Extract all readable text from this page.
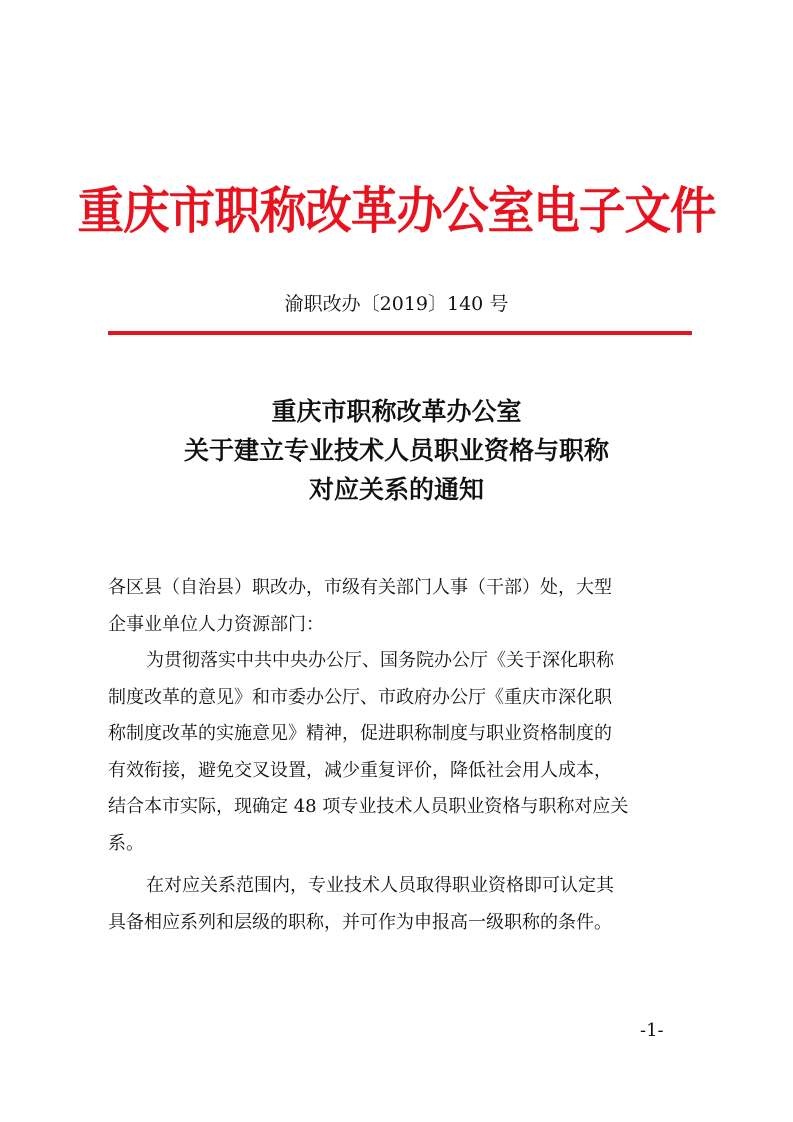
重庆市职称改革办公室电子文件
渝职改办〔2019〕140 号
重庆市职称改革办公室
关于建立专业技术人员职业资格与职称
对应关系的通知
各区县（自治县）职改办，市级有关部门人事（干部）处，大型
企事业单位人力资源部门：
为贯彻落实中共中央办公厅、国务院办公厅《关于深化职称
制度改革的意见》和市委办公厅、市政府办公厅《重庆市深化职
称制度改革的实施意见》精神，促进职称制度与职业资格制度的
有效衔接，避免交叉设置，减少重复评价，降低社会用人成本，
结合本市实际，现确定 48 项专业技术人员职业资格与职称对应关
系。
在对应关系范围内，专业技术人员取得职业资格即可认定其
具备相应系列和层级的职称，并可作为申报高一级职称的条件。
-1-
